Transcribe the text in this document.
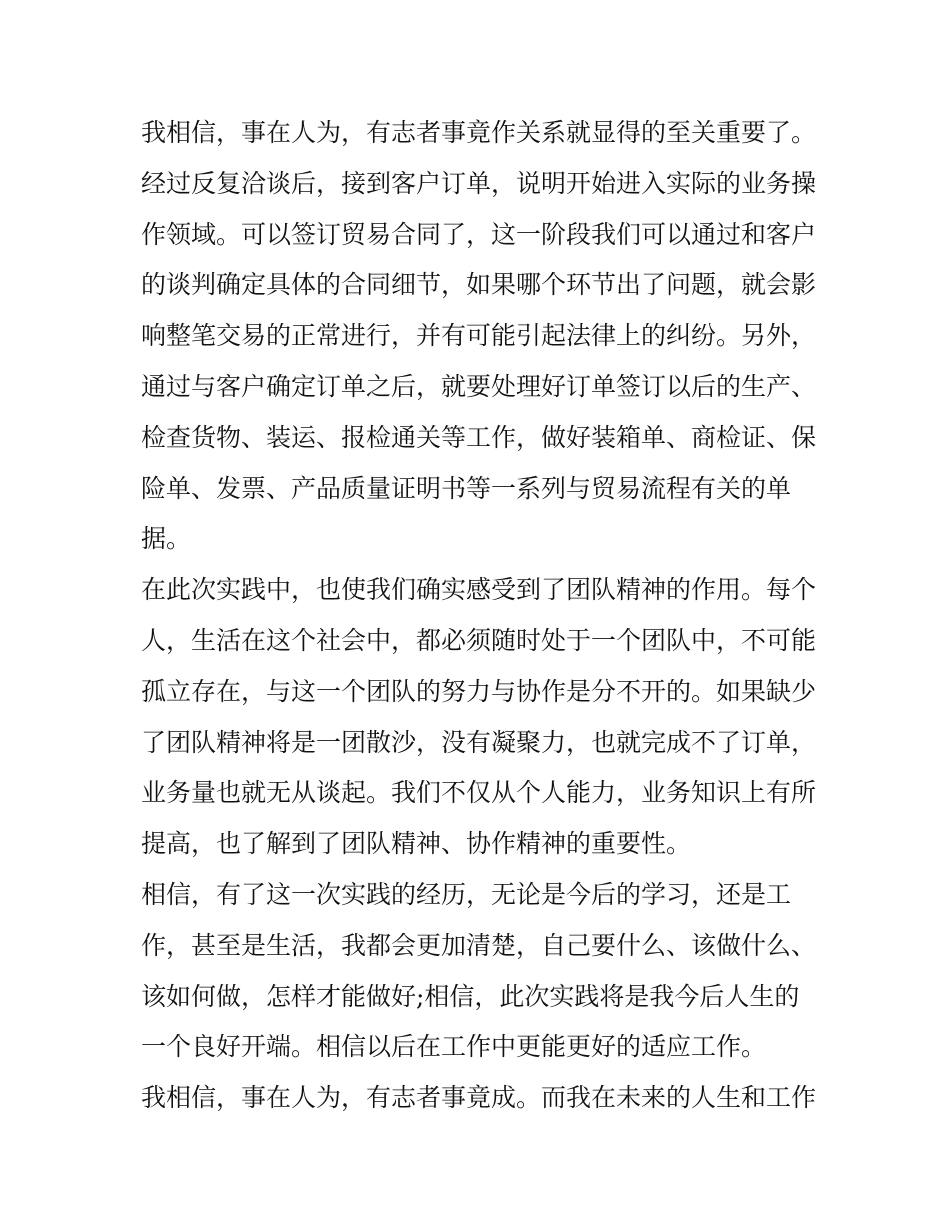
我相信，事在人为，有志者事竟作关系就显得的至关重要了。
经过反复洽谈后，接到客户订单，说明开始进入实际的业务操
作领域。可以签订贸易合同了，这一阶段我们可以通过和客户
的谈判确定具体的合同细节，如果哪个环节出了问题，就会影
响整笔交易的正常进行，并有可能引起法律上的纠纷。另外，
通过与客户确定订单之后，就要处理好订单签订以后的生产、
检查货物、装运、报检通关等工作，做好装箱单、商检证、保
险单、发票、产品质量证明书等一系列与贸易流程有关的单
据。
在此次实践中，也使我们确实感受到了团队精神的作用。每个
人，生活在这个社会中，都必须随时处于一个团队中，不可能
孤立存在，与这一个团队的努力与协作是分不开的。如果缺少
了团队精神将是一团散沙，没有凝聚力，也就完成不了订单，
业务量也就无从谈起。我们不仅从个人能力，业务知识上有所
提高，也了解到了团队精神、协作精神的重要性。
相信，有了这一次实践的经历，无论是今后的学习，还是工
作，甚至是生活，我都会更加清楚，自己要什么、该做什么、
该如何做，怎样才能做好;相信，此次实践将是我今后人生的
一个良好开端。相信以后在工作中更能更好的适应工作。
我相信，事在人为，有志者事竟成。而我在未来的人生和工作
